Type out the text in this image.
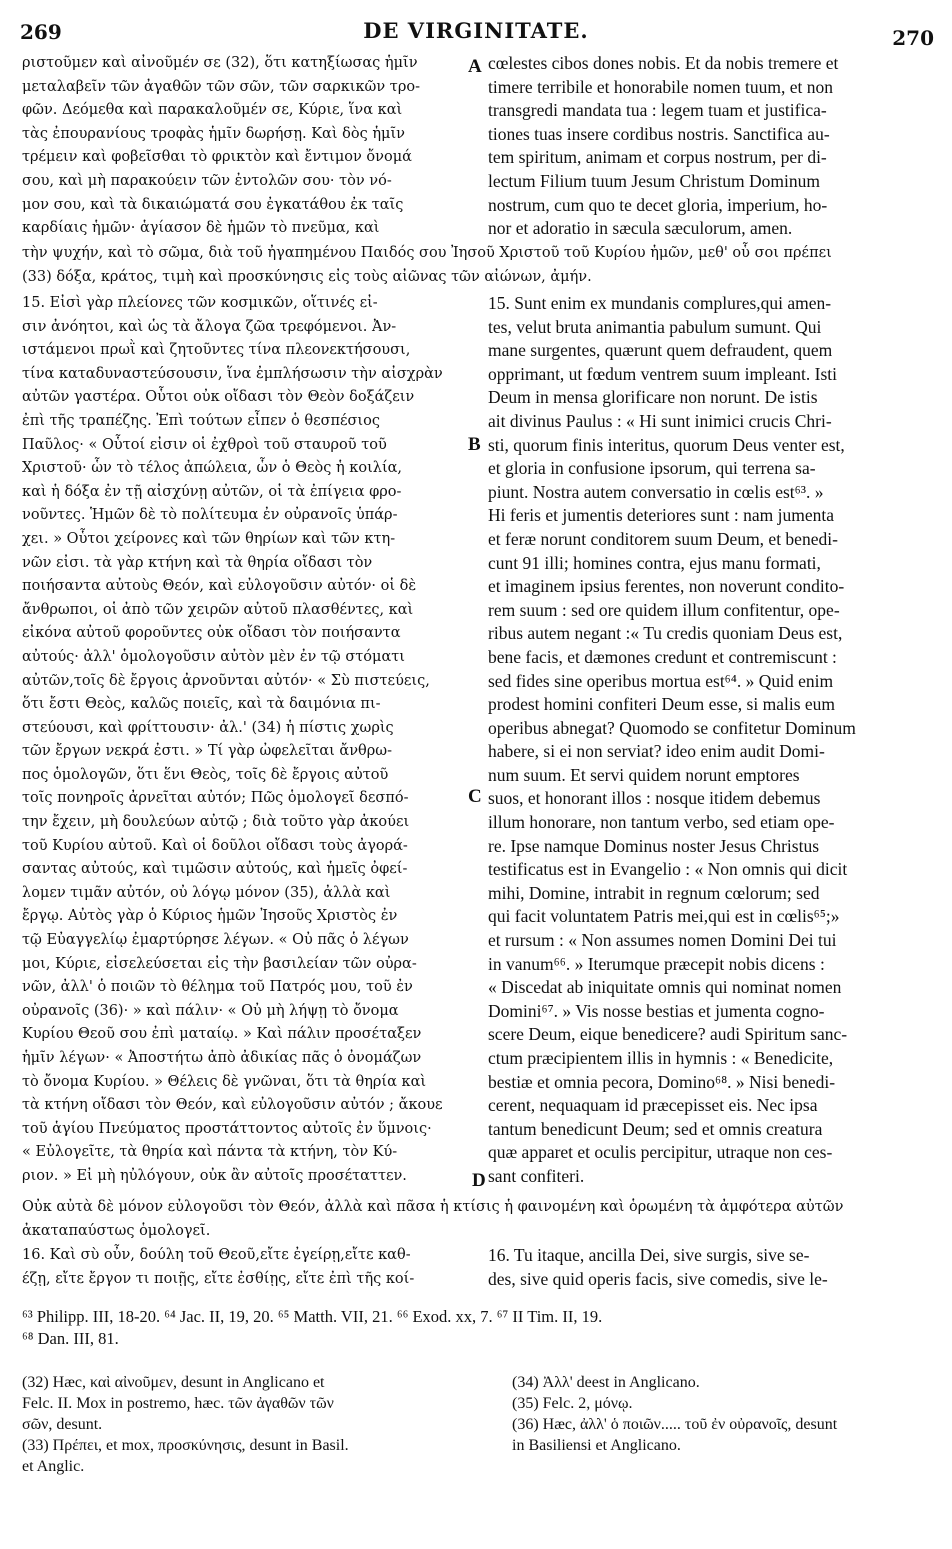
269	DE VIRGINITATE.	270
ριστοῦμεν καὶ αἰνοῦμέν σε (32), ὅτι κατηξίωσας ἡμῖν
μεταλαβεῖν τῶν ἀγαθῶν τῶν σῶν, τῶν σαρκικῶν τρο-
φῶν. Δεόμεθα καὶ παρακαλοῦμέν σε, Κύριε, ἵνα καὶ
τὰς ἐπουρανίους τροφὰς ἡμῖν δωρήσῃ. Καὶ δὸς ἡμῖν
τρέμειν καὶ φοβεῖσθαι τὸ φρικτὸν καὶ ἔντιμον ὄνομά
σου, καὶ μὴ παρακούειν τῶν ἐντολῶν σου· τὸν νό-
μον σου, καὶ τὰ δικαιώματά σου ἐγκατάθου ἐκ ταῖς
καρδίαις ἡμῶν· ἁγίασον δὲ ἡμῶν τὸ πνεῦμα, καὶ
cœlestes cibos dones nobis. Et da nobis tremere et
timere terribile et honorabile nomen tuum, et non
transgredi mandata tua : legem tuam et justifica-
tiones tuas insere cordibus nostris. Sanctifica au-
tem spiritum, animam et corpus nostrum, per di-
lectum Filium tuum Jesum Christum Dominum
nostrum, cum quo te decet gloria, imperium, ho-
nor et adoratio in sæcula sæculorum, amen.
A
τὴν ψυχήν, καὶ τὸ σῶμα, διὰ τοῦ ἠγαπημένου Παιδός σου Ἰησοῦ Χριστοῦ τοῦ Κυρίου ἡμῶν, μεθ' οὗ σοι πρέπει
(33) δόξα, κράτος, τιμὴ καὶ προσκύνησις εἰς τοὺς αἰῶνας τῶν αἰώνων, ἀμήν.
15. Εἰσὶ γὰρ πλείονες τῶν κοσμικῶν, οἵτινές εἰ-
σιν ἀνόητοι, καὶ ὡς τὰ ἄλογα ζῶα τρεφόμενοι. Ἀν-
ιστάμενοι πρωῒ καὶ ζητοῦντες τίνα πλεονεκτήσουσι,
τίνα καταδυναστεύσουσιν, ἵνα ἐμπλήσωσιν τὴν αἰσχρὰν
αὐτῶν γαστέρα. Οὗτοι οὐκ οἴδασι τὸν Θεὸν δοξάζειν
ἐπὶ τῆς τραπέζης. Ἐπὶ τούτων εἶπεν ὁ θεσπέσιος
Παῦλος· « Οὗτοί εἰσιν οἱ ἐχθροὶ τοῦ σταυροῦ τοῦ
Χριστοῦ· ὧν τὸ τέλος ἀπώλεια, ὧν ὁ Θεὸς ἡ κοιλία,
καὶ ἡ δόξα ἐν τῇ αἰσχύνῃ αὐτῶν, οἱ τὰ ἐπίγεια φρο-
νοῦντες. Ἡμῶν δὲ τὸ πολίτευμα ἐν οὐρανοῖς ὑπάρ-
χει. » Οὗτοι χείρονες καὶ τῶν θηρίων καὶ τῶν κτη-
νῶν εἰσι. τὰ γὰρ κτήνη καὶ τὰ θηρία οἴδασι τὸν
ποιήσαντα αὐτοὺς Θεόν, καὶ εὐλογοῦσιν αὐτόν· οἱ δὲ
ἄνθρωποι, οἱ ἀπὸ τῶν χειρῶν αὐτοῦ πλασθέντες, καὶ
εἰκόνα αὐτοῦ φοροῦντες οὐκ οἴδασι τὸν ποιήσαντα
αὐτούς· ἀλλ' ὁμολογοῦσιν αὐτὸν μὲν ἐν τῷ στόματι
αὐτῶν,τοῖς δὲ ἔργοις ἀρνοῦνται αὐτόν· « Σὺ πιστεύεις,
ὅτι ἔστι Θεὸς, καλῶς ποιεῖς, καὶ τὰ δαιμόνια πι-
στεύουσι, καὶ φρίττουσιν· ἀλ.' (34) ἡ πίστις χωρὶς
τῶν ἔργων νεκρά ἐστι. » Τί γὰρ ὠφελεῖται ἄνθρω-
πος ὁμολογῶν, ὅτι ἕνι Θεὸς, τοῖς δὲ ἔργοις αὐτοῦ
τοῖς πονηροῖς ἀρνεῖται αὐτόν; Πῶς ὁμολογεῖ δεσπό-
την ἔχειν, μὴ δουλεύων αὐτῷ ; διὰ τοῦτο γὰρ ἀκούει
τοῦ Κυρίου αὐτοῦ. Καὶ οἱ δοῦλοι οἴδασι τοὺς ἀγορά-
σαντας αὐτούς, καὶ τιμῶσιν αὐτούς, καὶ ἡμεῖς ὀφεί-
λομεν τιμᾶν αὐτόν, οὐ λόγῳ μόνον (35), ἀλλὰ καὶ
ἔργῳ. Αὐτὸς γὰρ ὁ Κύριος ἡμῶν Ἰησοῦς Χριστὸς ἐν
τῷ Εὐαγγελίῳ ἐμαρτύρησε λέγων. « Οὐ πᾶς ὁ λέγων
μοι, Κύριε, εἰσελεύσεται εἰς τὴν βασιλείαν τῶν οὐρα-
νῶν, ἀλλ' ὁ ποιῶν τὸ θέλημα τοῦ Πατρός μου, τοῦ ἐν
οὐρανοῖς (36)· » καὶ πάλιν· « Οὐ μὴ λήψῃ τὸ ὄνομα
Κυρίου Θεοῦ σου ἐπὶ ματαίῳ. » Καὶ πάλιν προσέταξεν
ἡμῖν λέγων· « Ἀποστήτω ἀπὸ ἀδικίας πᾶς ὁ ὀνομάζων
τὸ ὄνομα Κυρίου. » Θέλεις δὲ γνῶναι, ὅτι τὰ θηρία καὶ
τὰ κτήνη οἴδασι τὸν Θεόν, καὶ εὐλογοῦσιν αὐτόν ; ἄκουε
τοῦ ἁγίου Πνεύματος προστάττοντος αὐτοῖς ἐν ὕμνοις·
« Εὐλογεῖτε, τὰ θηρία καὶ πάντα τὰ κτήνη, τὸν Κύ-
ριον. » Εἰ μὴ ηὐλόγουν, οὐκ ἂν αὐτοῖς προσέταττεν.
15. Sunt enim ex mundanis complures,qui amen-
tes, velut bruta animantia pabulum sumunt. Qui
mane surgentes, quærunt quem defraudent, quem
opprimant, ut fœdum ventrem suum impleant. Isti
Deum in mensa glorificare non norunt. De istis
ait divinus Paulus : « Hi sunt inimici crucis Chri-
sti, quorum finis interitus, quorum Deus venter est,
et gloria in confusione ipsorum, qui terrena sa-
piunt. Nostra autem conversatio in cœlis est⁶³. »
Hi feris et jumentis deteriores sunt : nam jumenta
et feræ norunt conditorem suum Deum, et benedi-
cunt 91 illi; homines contra, ejus manu formati,
et imaginem ipsius ferentes, non noverunt condito-
rem suum : sed ore quidem illum confitentur, ope-
ribus autem negant :« Tu credis quoniam Deus est,
bene facis, et dæmones credunt et contremiscunt :
sed fides sine operibus mortua est⁶⁴. » Quid enim
prodest homini confiteri Deum esse, si malis eum
operibus abnegat? Quomodo se confitetur Dominum
habere, si ei non serviat? ideo enim audit Domi-
num suum. Et servi quidem norunt emptores
suos, et honorant illos : nosque itidem debemus
illum honorare, non tantum verbo, sed etiam ope-
re. Ipse namque Dominus noster Jesus Christus
testificatus est in Evangelio : « Non omnis qui dicit
mihi, Domine, intrabit in regnum cœlorum; sed
qui facit voluntatem Patris mei,qui est in cœlis⁶⁵;»
et rursum : « Non assumes nomen Domini Dei tui
in vanum⁶⁶. » Iterumque præcepit nobis dicens :
« Discedat ab iniquitate omnis qui nominat nomen
Domini⁶⁷. » Vis nosse bestias et jumenta cogno-
scere Deum, eique benedicere? audi Spiritum sanc-
ctum præcipientem illis in hymnis : « Benedicite,
bestiæ et omnia pecora, Domino⁶⁸. » Nisi benedi-
cerent, nequaquam id præcepisset eis. Nec ipsa
tantum benedicunt Deum; sed et omnis creatura
quæ apparet et oculis percipitur, utraque non ces-
sant confiteri.
B
C
D
Οὐκ αὐτὰ δὲ μόνον εὐλογοῦσι τὸν Θεόν, ἀλλὰ καὶ πᾶσα ἡ κτίσις ἡ φαινομένη καὶ ὁρωμένη τὰ ἀμφότερα αὐτῶν
ἀκαταπαύστως ὁμολογεῖ.
16. Καὶ σὺ οὖν, δούλη τοῦ Θεοῦ,εἴτε ἐγείρῃ,εἴτε καθ-
έζῃ, εἴτε ἔργον τι ποιῇς, εἴτε ἐσθίῃς, εἴτε ἐπὶ τῆς κοί-
16. Tu itaque, ancilla Dei, sive surgis, sive se-
des, sive quid operis facis, sive comedis, sive le-
⁶³ Philipp. III, 18-20. ⁶⁴ Jac. II, 19, 20. ⁶⁵ Matth. VII, 21. ⁶⁶ Exod. xx, 7. ⁶⁷ II Tim. II, 19.
⁶⁸ Dan. III, 81.
(32) Hæc, καὶ αἰνοῦμεν, desunt in Anglicano et
Felc. II. Mox in postremo, hæc. τῶν ἀγαθῶν τῶν
σῶν, desunt.
(33) Πρέπει, et mox, προσκύνησις, desunt in Basil.
et Anglic.
(34) Ἀλλ' deest in Anglicano.
(35) Felc. 2, μόνῳ.
(36) Hæc, ἀλλ' ὁ ποιῶν..... τοῦ ἐν οὐρανοῖς, desunt
in Basiliensi et Anglicano.
